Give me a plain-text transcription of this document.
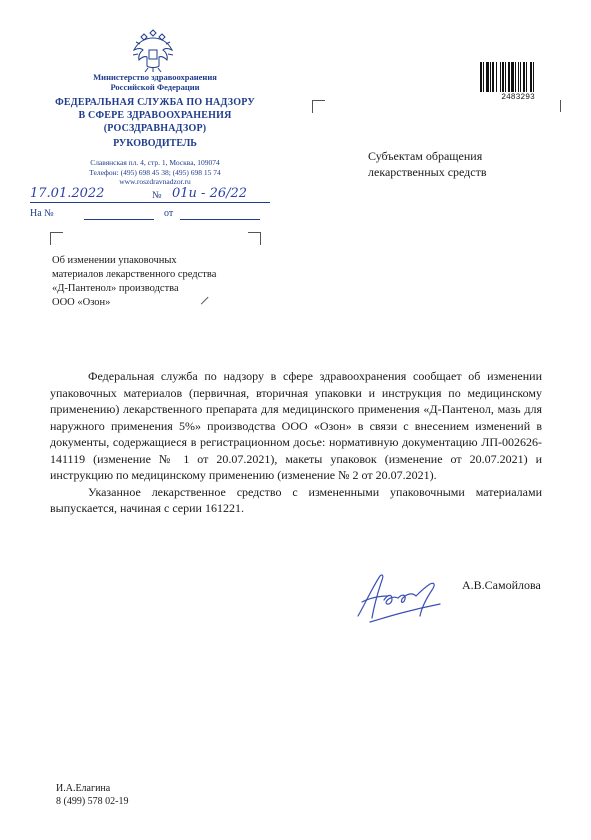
Министерство здравоохранения
Российской Федерации
ФЕДЕРАЛЬНАЯ СЛУЖБА ПО НАДЗОРУ
В СФЕРЕ ЗДРАВООХРАНЕНИЯ
(РОСЗДРАВНАДЗОР)
РУКОВОДИТЕЛЬ
Славянская пл. 4, стр. 1, Москва, 109074
Телефон: (495) 698 45 38; (495) 698 15 74
www.roszdravnadzor.ru
17.01.2022	№ 01и - 26/22
На №	от
2483293
Субъектам обращения
лекарственных средств
Об изменении упаковочных
материалов лекарственного средства
«Д-Пантенол» производства
ООО «Озон»

Федеральная служба по надзору в сфере здравоохранения сообщает об изменении упаковочных материалов (первичная, вторичная упаковки и инструкция по медицинскому применению) лекарственного препарата для медицинского применения «Д-Пантенол, мазь для наружного применения 5%» производства ООО «Озон» в связи с внесением изменений в документы, содержащиеся в регистрационном досье: нормативную документацию ЛП-002626-141119 (изменение № 1 от 20.07.2021), макеты упаковок (изменение от 20.07.2021) и инструкцию по медицинскому применению (изменение № 2 от 20.07.2021).

Указанное лекарственное средство с измененными упаковочными материалами выпускается, начиная с серии 161221.

А.В.Самойлова
И.А.Елагина
8 (499) 578 02-19
